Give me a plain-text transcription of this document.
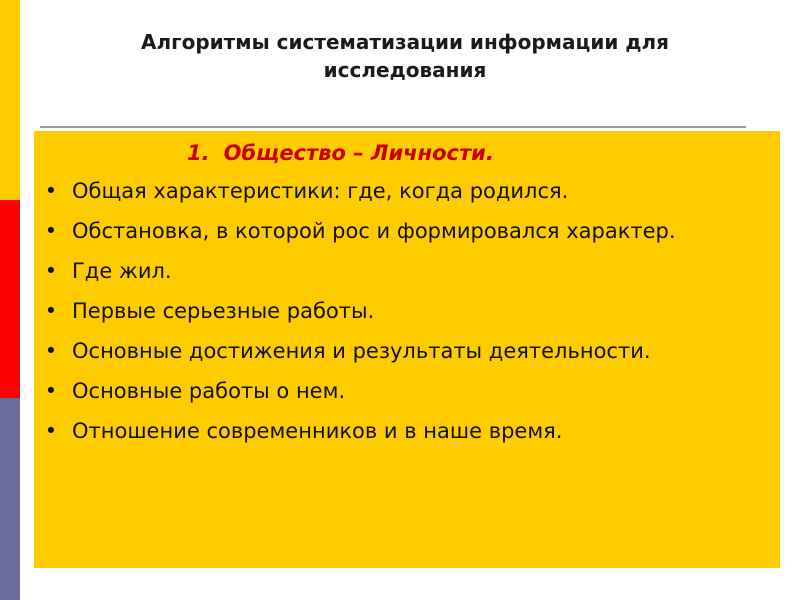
Алгоритмы систематизации информации для исследования
1. Общество – Личности.
• Общая характеристики: где, когда родился.
• Обстановка, в которой рос и формировался характер.
• Где жил.
• Первые серьезные работы.
• Основные достижения и результаты деятельности.
• Основные работы о нем.
• Отношение современников и в наше время.
